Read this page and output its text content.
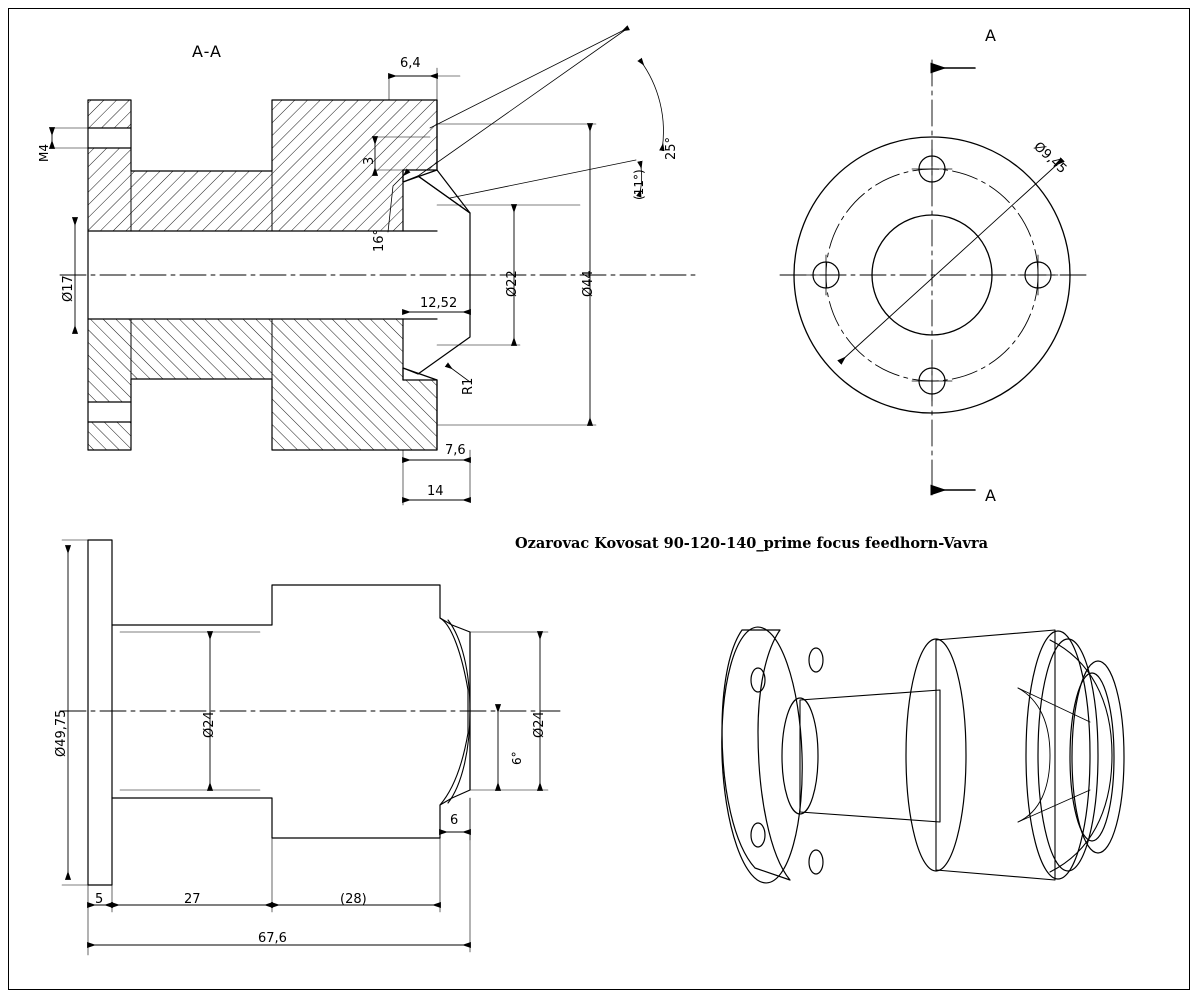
A-A
M4
Ø17
6,4
3
16°
25°
(11°)
12,52
Ø22	Ø44
R1
7,6
14
A
A
Ø9,45
Ø49,75	Ø24	Ø24
6°
6
5	27	(28)
67,6
Ozarovac Kovosat 90-120-140_prime focus feedhorn-Vavra
